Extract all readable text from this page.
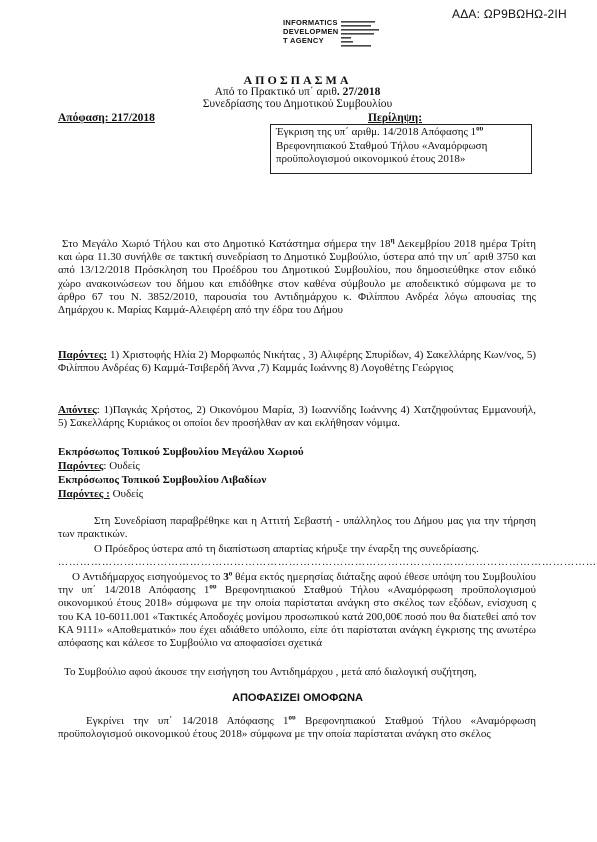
ΑΔΑ: ΩΡ9ΒΩΗΩ-2ΙΗ
INFORMATICS
DEVELOPMEN
T AGENCY
ΑΠΟΣΠΑΣΜΑ
Από το Πρακτικό υπ΄ αριθ. 27/2018
Συνεδρίασης του Δημοτικού Συμβουλίου
Απόφαση: 217/2018	Περίληψη:
Έγκριση της υπ΄ αριθμ. 14/2018 Απόφασης $1^{o\upsilon}$
Βρεφονηπιακού Σταθμού Τήλου «Αναμόρφωση
προϋπολογισμού οικονομικού έτους 2018»
Στο Μεγάλο Χωριό Τήλου και στο Δημοτικό Κατάστημα σήμερα την $18^\eta$ Δεκεμβρίου 2018 ημέρα Τρίτη και ώρα 11.30 συνήλθε σε τακτική συνεδρίαση το Δημοτικό Συμβούλιο, ύστερα από την υπ΄ αριθ 3750 και από 13/12/2018 Πρόσκληση του Προέδρου του Δημοτικού Συμβουλίου, που δημοσιεύθηκε στον ειδικό χώρο ανακοινώσεων του δήμου και επιδόθηκε στον καθένα σύμβουλο με αποδεικτικό σύμφωνα με το άρθρο 67 του Ν. 3852/2010, παρουσία του Αντιδημάρχου κ. Φιλίππου Ανδρέα λόγω απουσίας της Δημάρχου κ. Μαρίας Καμμά-Αλειφέρη από την έδρα του Δήμου
Παρόντες: 1) Χριστοφής Ηλία 2) Μορφωπός Νικήτας , 3) Αλιφέρης Σπυρίδων, 4) Σακελλάρης Κων/νος, 5) Φιλίππου Ανδρέας 6) Καμμά-Τσιβερδή Άννα ,7) Καμμάς Ιωάννης 8) Λογοθέτης Γεώργιος
Απόντες: 1)Παγκάς Χρήστος, 2) Οικονόμου Μαρία, 3) Ιωαννίδης Ιωάννης 4) Χατζηφούντας Εμμανουήλ, 5) Σακελλάρης Κυριάκος οι οποίοι δεν προσήλθαν αν και εκλήθησαν νόμιμα.
Εκπρόσωπος Τοπικού Συμβουλίου Μεγάλου Χωριού
Παρόντες: Ουδείς
Εκπρόσωπος Τοπικού Συμβουλίου Λιβαδίων
Παρόντες : Ουδείς
Στη Συνεδρίαση παραβρέθηκε και η Αττιτή Σεβαστή - υπάλληλος του Δήμου μας για την τήρηση των πρακτικών.
Ο Πρόεδρος ύστερα από τη διαπίστωση απαρτίας κήρυξε την έναρξη της συνεδρίασης.
…………………………………………………………………………………………………………………………………
Ο Αντιδήμαρχος εισηγούμενος το $3^o$ θέμα εκτός ημερησίας διάταξης αφού έθεσε υπόψη του Συμβουλίου την υπ΄ 14/2018 Απόφασης $1^{o\upsilon}$ Βρεφονηπιακού Σταθμού Τήλου «Αναμόρφωση προϋπολογισμού οικονομικού έτους 2018» σύμφωνα με την οποία παρίσταται ανάγκη στο σκέλος των εξόδων, ενίσχυση ς του ΚΑ 10-6011.001 «Τακτικές Αποδοχές μονίμου προσωπικού κατά 200,00€ ποσό που θα διατεθεί από τον ΚΑ 9111» «Αποθεματικό» που έχει αδιάθετο υπόλοιπο, είπε ότι παρίσταται ανάγκη έγκρισης της ανωτέρω απόφασης και κάλεσε το Συμβούλιο να αποφασίσει σχετικά
Το Συμβούλιο αφού άκουσε την εισήγηση του Αντιδημάρχου , μετά από διαλογική συζήτηση,
ΑΠΟΦΑΣΙΖΕΙ ΟΜΟΦΩΝΑ
Εγκρίνει την υπ΄ 14/2018 Απόφασης $1^{o\upsilon}$ Βρεφονηπιακού Σταθμού Τήλου «Αναμόρφωση προϋπολογισμού οικονομικού έτους 2018» σύμφωνα με την οποία παρίσταται ανάγκη στο σκέλος
